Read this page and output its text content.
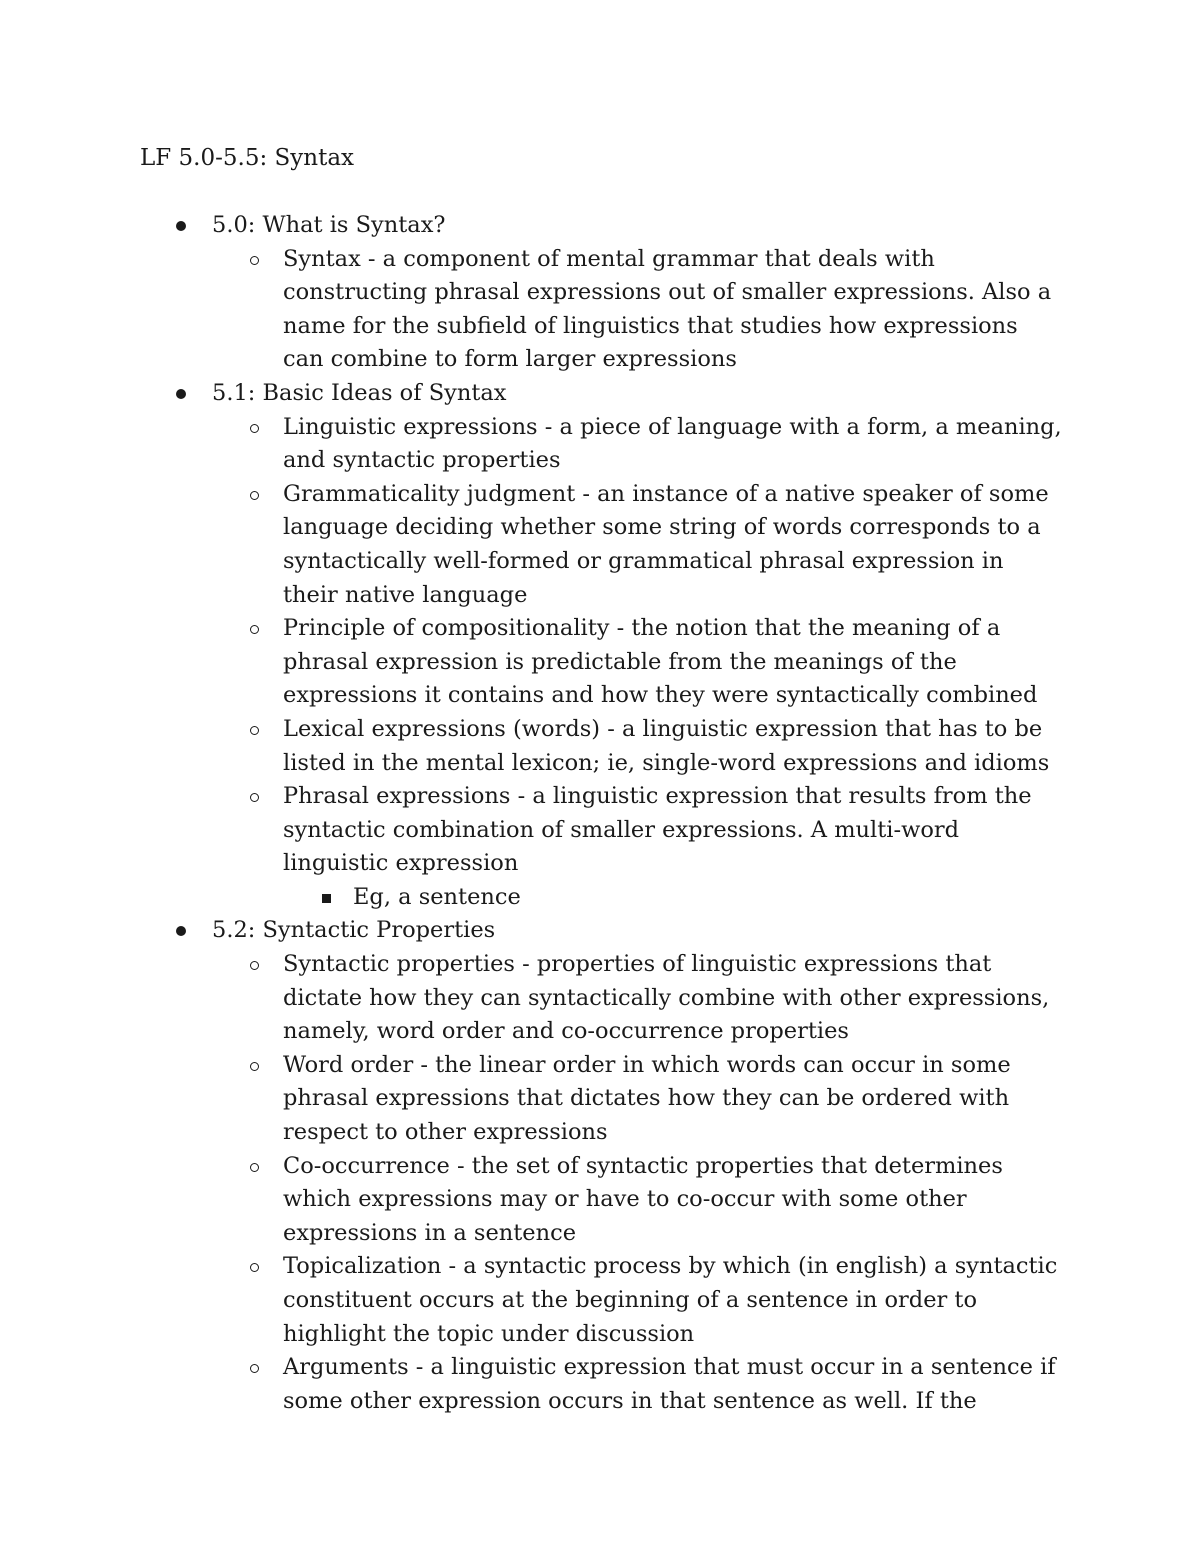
LF 5.0-5.5: Syntax
5.0: What is Syntax?
Syntax - a component of mental grammar that deals with constructing phrasal expressions out of smaller expressions. Also a name for the subfield of linguistics that studies how expressions can combine to form larger expressions
5.1: Basic Ideas of Syntax
Linguistic expressions - a piece of language with a form, a meaning, and syntactic properties
Grammaticality judgment - an instance of a native speaker of some language deciding whether some string of words corresponds to a syntactically well-formed or grammatical phrasal expression in their native language
Principle of compositionality - the notion that the meaning of a phrasal expression is predictable from the meanings of the expressions it contains and how they were syntactically combined
Lexical expressions (words) - a linguistic expression that has to be listed in the mental lexicon; ie, single-word expressions and idioms
Phrasal expressions - a linguistic expression that results from the syntactic combination of smaller expressions. A multi-word linguistic expression
Eg, a sentence
5.2: Syntactic Properties
Syntactic properties - properties of linguistic expressions that dictate how they can syntactically combine with other expressions, namely, word order and co-occurrence properties
Word order - the linear order in which words can occur in some phrasal expressions that dictates how they can be ordered with respect to other expressions
Co-occurrence - the set of syntactic properties that determines which expressions may or have to co-occur with some other expressions in a sentence
Topicalization - a syntactic process by which (in english) a syntactic constituent occurs at the beginning of a sentence in order to highlight the topic under discussion
Arguments - a linguistic expression that must occur in a sentence if some other expression occurs in that sentence as well. If the
